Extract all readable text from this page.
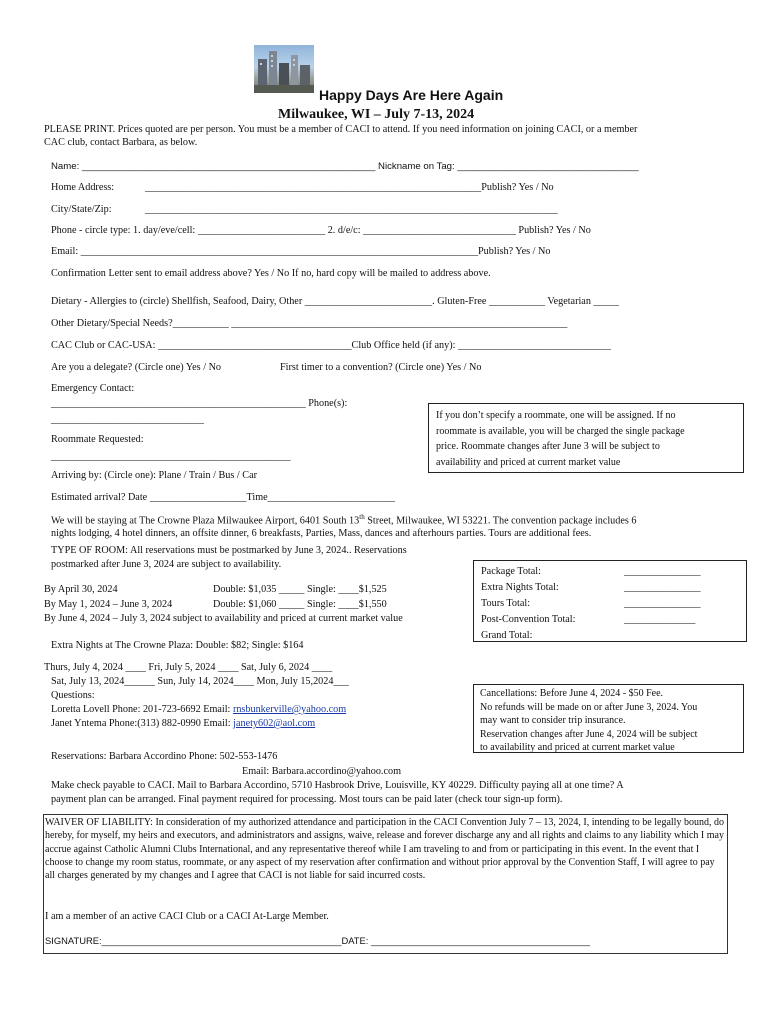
Happy Days Are Here Again
Milwaukee, WI – July 7-13, 2024
PLEASE PRINT. Prices quoted are per person. You must be a member of CACI to attend. If you need information on joining CACI, or a member
CAC club, contact Barbara, as below.
Name: _______________________________________________________ Nickname on Tag: __________________________________
Home Address:	__________________________________________________________________Publish? Yes / No
City/State/Zip:	_________________________________________________________________________________
Phone - circle type: 1. day/eve/cell: _________________________ 2. d/e/c: ______________________________ Publish? Yes / No
Email: ______________________________________________________________________________Publish? Yes / No
Confirmation Letter sent to email address above? Yes / No If no, hard copy will be mailed to address above.
Dietary - Allergies to (circle) Shellfish, Seafood, Dairy, Other _________________________. Gluten-Free ___________ Vegetarian _____
Other Dietary/Special Needs?___________ __________________________________________________________________
CAC Club or CAC-USA: ______________________________________Club Office held (if any): ______________________________
Are you a delegate? (Circle one) Yes / No	First timer to a convention? (Circle one) Yes / No
Emergency Contact:
__________________________________________________ Phone(s):
______________________________
Roommate Requested:
_______________________________________________
Arriving by: (Circle one): Plane / Train / Bus / Car
Estimated arrival? Date ___________________Time_________________________
If you don’t specify a roommate, one will be assigned. If no
roommate is available, you will be charged the single package
price. Roommate changes after June 3 will be subject to
availability and priced at current market value
We will be staying at The Crowne Plaza Milwaukee Airport, 6401 South 13th Street, Milwaukee, WI 53221. The convention package includes 6
nights lodging, 4 hotel dinners, an offsite dinner, 6 breakfasts, Parties, Mass, dances and afterhours parties. Tours are additional fees.
TYPE OF ROOM: All reservations must be postmarked by June 3, 2024.. Reservations
postmarked after June 3, 2024 are subject to availability.
By April 30, 2024	Double: $1,035 _____ Single: ____$1,525
By May 1, 2024 – June 3, 2024	Double: $1,060 _____ Single: ____$1,550
By June 4, 2024 – July 3, 2024 subject to availability and priced at current market value
Extra Nights at The Crowne Plaza: Double: $82; Single: $164
Thurs, July 4, 2024 ____ Fri, July 5, 2024 ____ Sat, July 6, 2024 ____
Sat, July 13, 2024______ Sun, July 14, 2024____ Mon, July 15,2024___
Package Total:	_______________
Extra Nights Total:	_______________
Tours Total:	_______________
Post-Convention Total:	______________
Grand Total:
Cancellations: Before June 4, 2024 - $50 Fee.
No refunds will be made on or after June 3, 2024. You
may want to consider trip insurance.
Reservation changes after June 4, 2024 will be subject
to availability and priced at current market value
Questions:
Loretta Lovell Phone: 201-723-6692 Email: rnsbunkerville@yahoo.com
Janet Yntema Phone:(313) 882-0990 Email: janety602@aol.com
Reservations: Barbara Accordino Phone: 502-553-1476
Email: Barbara.accordino@yahoo.com
Make check payable to CACI. Mail to Barbara Accordino, 5710 Hasbrook Drive, Louisville, KY 40229. Difficulty paying all at one time? A
payment plan can be arranged. Final payment required for processing. Most tours can be paid later (check tour sign-up form).
WAIVER OF LIABILITY: In consideration of my authorized attendance and participation in the CACI Convention July 7 – 13, 2024, I, intending to be legally bound, do hereby, for myself, my heirs and executors, and administrators and assigns, waive, release and forever discharge any and all rights and claims to any liability which I may accrue against Catholic Alumni Clubs International, and any representative thereof while I am traveling to and from or participating in this event. In the event that I choose to change my room status, roommate, or any aspect of my reservation after confirmation and without prior approval by the Convention Staff, I will agree to pay all charges generated by my changes and I agree that CACI is not liable for said incurred costs.
I am a member of an active CACI Club or a CACI At-Large Member.
SIGNATURE:______________________________________________DATE: __________________________________________
